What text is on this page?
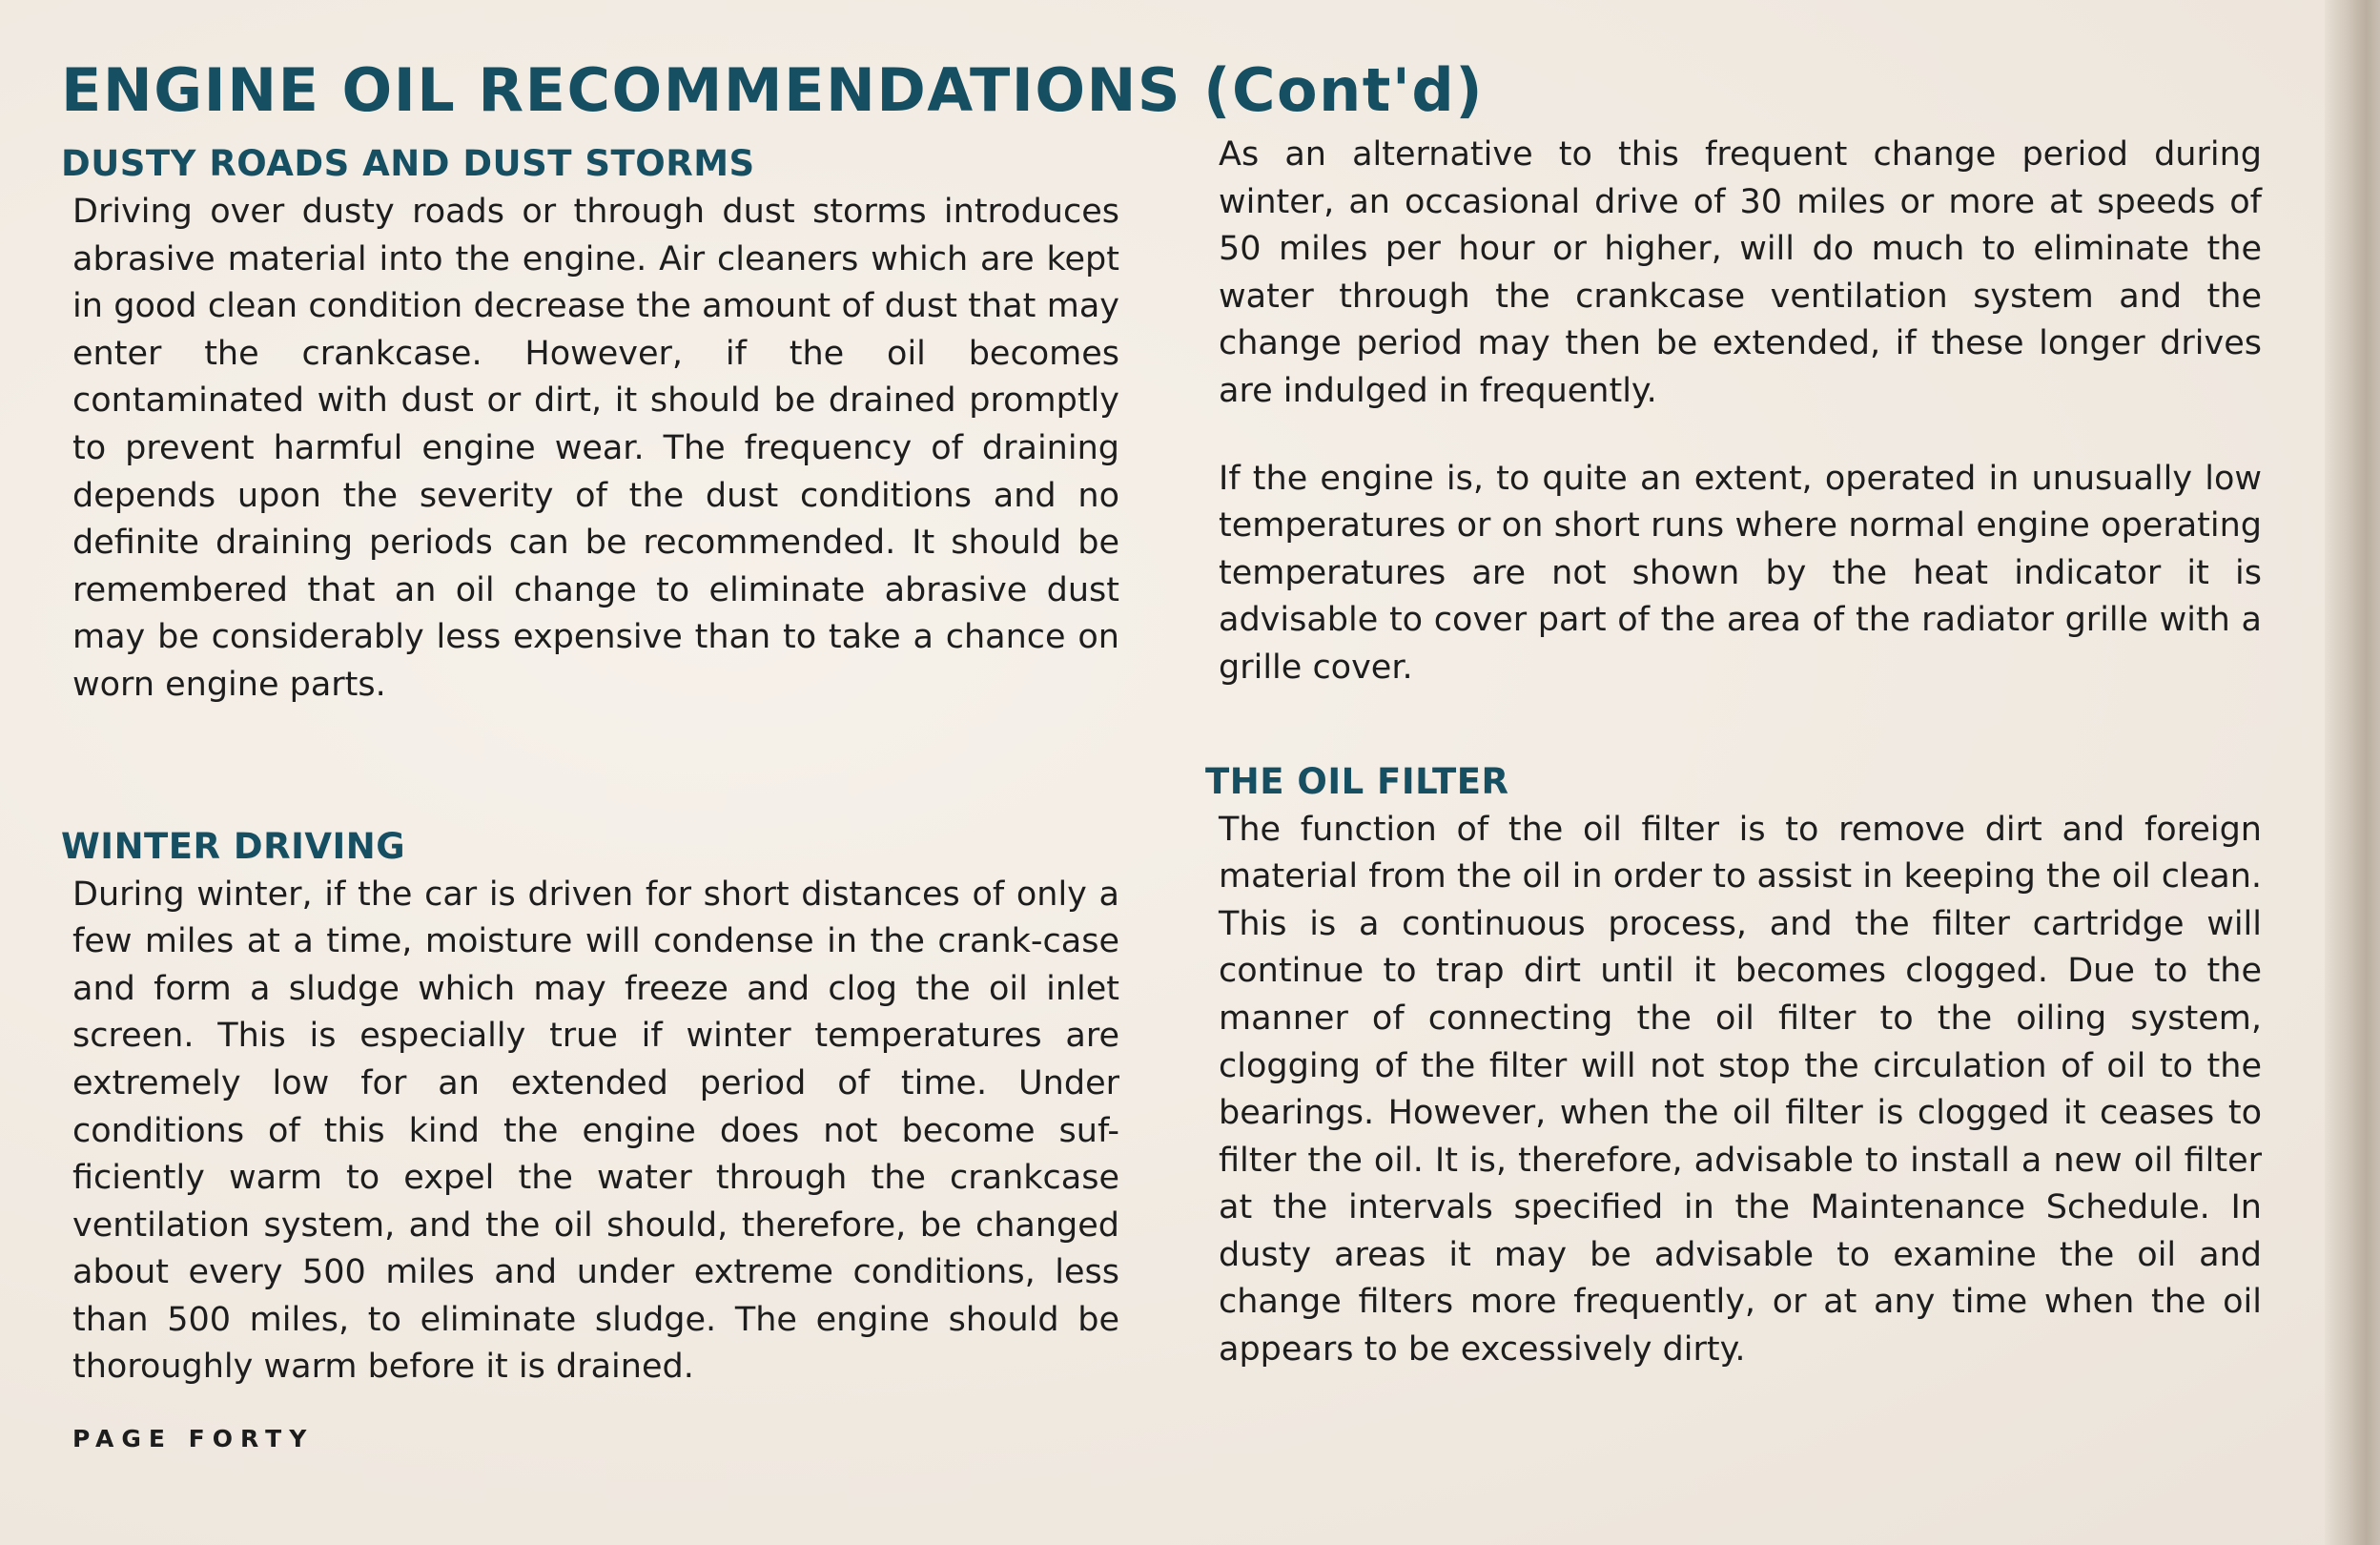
ENGINE OIL RECOMMENDATIONS (Cont'd)
DUSTY ROADS AND DUST STORMS

Driving over dusty roads or through dust storms introduces abrasive material into the engine. Air cleaners which are kept in good clean condition decrease the amount of dust that may enter the crankcase. However, if the oil becomes contaminated with dust or dirt, it should be drained promptly to prevent harmful engine wear. The frequency of draining depends upon the severity of the dust conditions and no definite draining periods can be recommended. It should be remembered that an oil change to eliminate abrasive dust may be considerably less expensive than to take a chance on worn engine parts.

WINTER DRIVING

During winter, if the car is driven for short distances of only a few miles at a time, moisture will condense in the crank-case and form a sludge which may freeze and clog the oil inlet screen. This is especially true if winter temperatures are extremely low for an extended period of time. Under conditions of this kind the engine does not become suf-ficiently warm to expel the water through the crankcase ventilation system, and the oil should, therefore, be changed about every 500 miles and under extreme conditions, less than 500 miles, to eliminate sludge. The engine should be thoroughly warm before it is drained.

As an alternative to this frequent change period during winter, an occasional drive of 30 miles or more at speeds of 50 miles per hour or higher, will do much to eliminate the water through the crankcase ventilation system and the change period may then be extended, if these longer drives are indulged in frequently.

If the engine is, to quite an extent, operated in unusually low temperatures or on short runs where normal engine operating temperatures are not shown by the heat indicator it is advisable to cover part of the area of the radiator grille with a grille cover.

THE OIL FILTER

The function of the oil filter is to remove dirt and foreign material from the oil in order to assist in keeping the oil clean. This is a continuous process, and the filter cartridge will continue to trap dirt until it becomes clogged. Due to the manner of connecting the oil filter to the oiling system, clogging of the filter will not stop the circulation of oil to the bearings. However, when the oil filter is clogged it ceases to filter the oil. It is, therefore, advisable to install a new oil filter at the intervals specified in the Maintenance Schedule. In dusty areas it may be advisable to examine the oil and change filters more frequently, or at any time when the oil appears to be excessively dirty.

PAGE FORTY
